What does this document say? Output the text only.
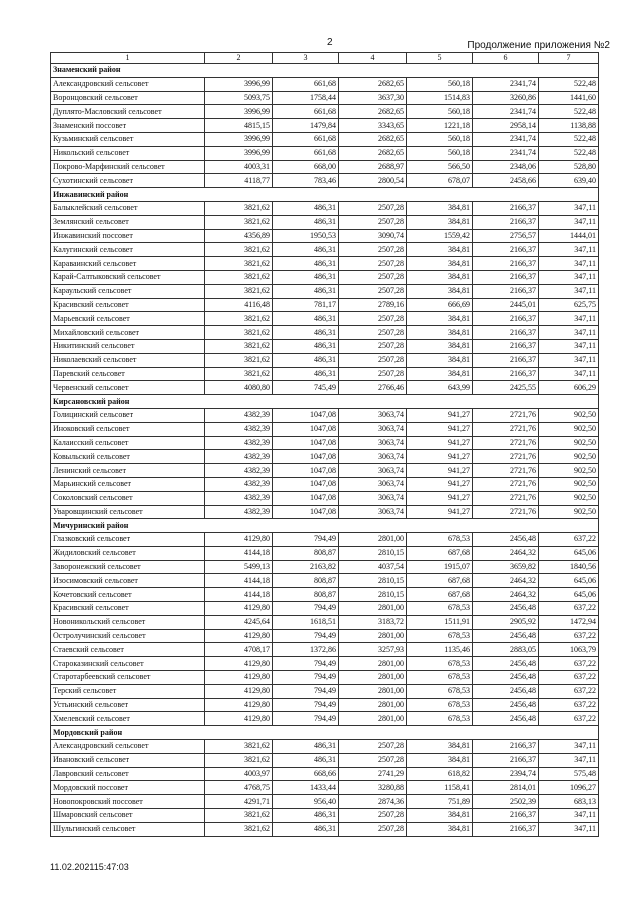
2	Продолжение приложения №2
1	2	3	4	5	6	7
Знаменский район						
Александровский сельсовет	3996,99	661,68	2682,65	560,18	2341,74	522,48
Воронцовский сельсовет	5093,75	1758,44	3637,30	1514,83	3260,86	1441,60
Дуплято-Масловский сельсовет	3996,99	661,68	2682,65	560,18	2341,74	522,48
Знаменский поссовет	4815,15	1479,84	3343,65	1221,18	2958,14	1138,88
Кузьминский сельсовет	3996,99	661,68	2682,65	560,18	2341,74	522,48
Никольский сельсовет	3996,99	661,68	2682,65	560,18	2341,74	522,48
Покрово-Марфинский сельсовет	4003,31	668,00	2688,97	566,50	2348,06	528,80
Сухотинский сельсовет	4118,77	783,46	2800,54	678,07	2458,66	639,40
Инжавинский район						
Балыклейский сельсовет	3821,62	486,31	2507,28	384,81	2166,37	347,11
Землянский сельсовет	3821,62	486,31	2507,28	384,81	2166,37	347,11
Инжавинский поссовет	4356,89	1950,53	3090,74	1559,42	2756,57	1444,01
Калугинский сельсовет	3821,62	486,31	2507,28	384,81	2166,37	347,11
Караваинский сельсовет	3821,62	486,31	2507,28	384,81	2166,37	347,11
Карай-Салтыковский сельсовет	3821,62	486,31	2507,28	384,81	2166,37	347,11
Караульский сельсовет	3821,62	486,31	2507,28	384,81	2166,37	347,11
Красивский сельсовет	4116,48	781,17	2789,16	666,69	2445,01	625,75
Марьевский сельсовет	3821,62	486,31	2507,28	384,81	2166,37	347,11
Михайловский сельсовет	3821,62	486,31	2507,28	384,81	2166,37	347,11
Никитинский сельсовет	3821,62	486,31	2507,28	384,81	2166,37	347,11
Николаевский сельсовет	3821,62	486,31	2507,28	384,81	2166,37	347,11
Паревский сельсовет	3821,62	486,31	2507,28	384,81	2166,37	347,11
Червенский сельсовет	4080,80	745,49	2766,46	643,99	2425,55	606,29
Кирсановский район						
Голицинский сельсовет	4382,39	1047,08	3063,74	941,27	2721,76	902,50
Иноковский сельсовет	4382,39	1047,08	3063,74	941,27	2721,76	902,50
Калаисский сельсовет	4382,39	1047,08	3063,74	941,27	2721,76	902,50
Ковыльский сельсовет	4382,39	1047,08	3063,74	941,27	2721,76	902,50
Ленинский сельсовет	4382,39	1047,08	3063,74	941,27	2721,76	902,50
Марьинский сельсовет	4382,39	1047,08	3063,74	941,27	2721,76	902,50
Соколовский сельсовет	4382,39	1047,08	3063,74	941,27	2721,76	902,50
Уваровщинский сельсовет	4382,39	1047,08	3063,74	941,27	2721,76	902,50
Мичуринский район						
Глазковский сельсовет	4129,80	794,49	2801,00	678,53	2456,48	637,22
Жидиловский сельсовет	4144,18	808,87	2810,15	687,68	2464,32	645,06
Заворонежский сельсовет	5499,13	2163,82	4037,54	1915,07	3659,82	1840,56
Изосимовский сельсовет	4144,18	808,87	2810,15	687,68	2464,32	645,06
Кочетовский сельсовет	4144,18	808,87	2810,15	687,68	2464,32	645,06
Красивский сельсовет	4129,80	794,49	2801,00	678,53	2456,48	637,22
Новоникольский сельсовет	4245,64	1618,51	3183,72	1511,91	2905,92	1472,94
Остролучинский сельсовет	4129,80	794,49	2801,00	678,53	2456,48	637,22
Стаевский сельсовет	4708,17	1372,86	3257,93	1135,46	2883,05	1063,79
Староказинский сельсовет	4129,80	794,49	2801,00	678,53	2456,48	637,22
Старотарбеевский сельсовет	4129,80	794,49	2801,00	678,53	2456,48	637,22
Терский сельсовет	4129,80	794,49	2801,00	678,53	2456,48	637,22
Устьинский сельсовет	4129,80	794,49	2801,00	678,53	2456,48	637,22
Хмелевский сельсовет	4129,80	794,49	2801,00	678,53	2456,48	637,22
Мордовский район						
Александровский сельсовет	3821,62	486,31	2507,28	384,81	2166,37	347,11
Ивановский сельсовет	3821,62	486,31	2507,28	384,81	2166,37	347,11
Лавровский сельсовет	4003,97	668,66	2741,29	618,82	2394,74	575,48
Мордовский поссовет	4768,75	1433,44	3280,88	1158,41	2814,01	1096,27
Новопокровский поссовет	4291,71	956,40	2874,36	751,89	2502,39	683,13
Шмаровский сельсовет	3821,62	486,31	2507,28	384,81	2166,37	347,11
Шульгинский сельсовет	3821,62	486,31	2507,28	384,81	2166,37	347,11
11.02.202115:47:03
